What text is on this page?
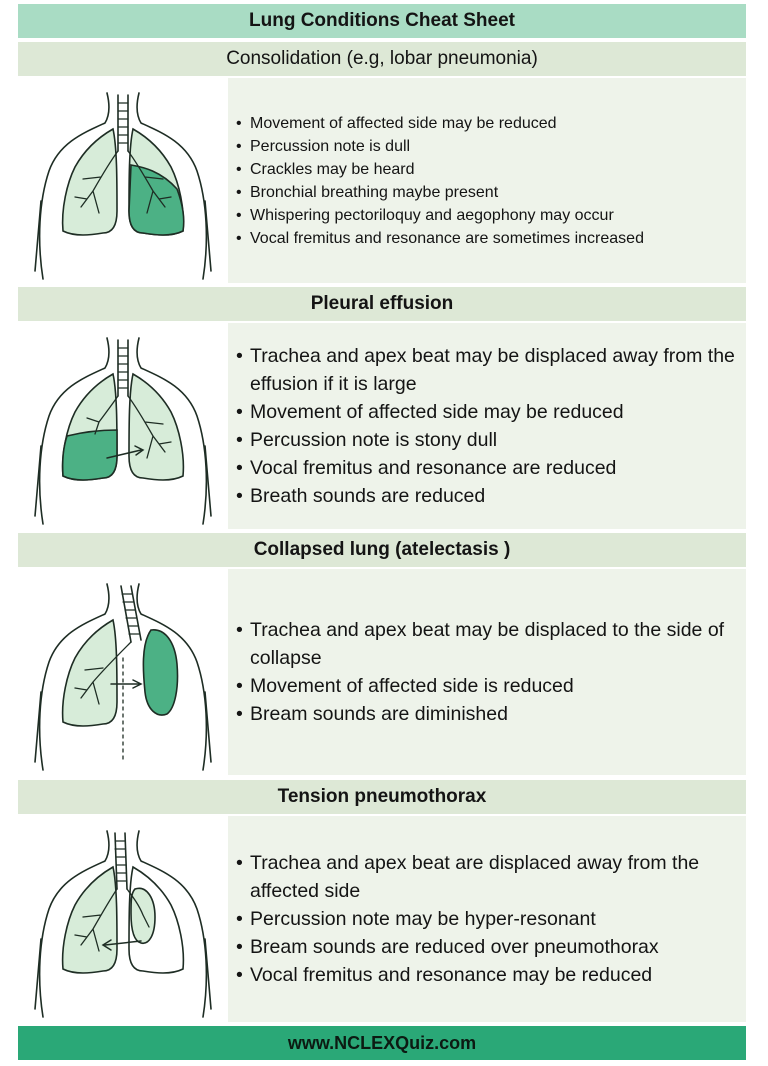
Lung Conditions Cheat Sheet
Consolidation (e.g, lobar pneumonia)
• Movement of affected side may be reduced
• Percussion note is dull
• Crackles may be heard
• Bronchial breathing maybe present
• Whispering pectoriloquy and aegophony may occur
• Vocal fremitus and resonance are sometimes increased
Pleural effusion
• Trachea and apex beat may be displaced away from the effusion if it is large
• Movement of affected side may be reduced
• Percussion note is stony dull
• Vocal fremitus and resonance are reduced
• Breath sounds are reduced
Collapsed lung (atelectasis )
• Trachea and apex beat may be displaced to the side of collapse
• Movement of affected side is reduced
• Bream sounds are diminished
Tension pneumothorax
• Trachea and apex beat are displaced away from the affected side
• Percussion note may be hyper-resonant
• Bream sounds are reduced over pneumothorax
• Vocal fremitus and resonance may be reduced
www.NCLEXQuiz.com
